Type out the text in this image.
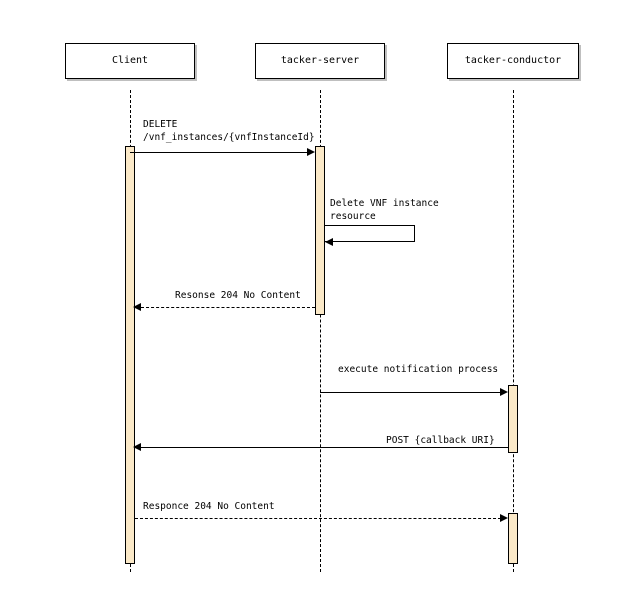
Client	tacker-server	tacker-conductor
DELETE /vnf_instances/{vnfInstanceId}
Delete VNF instance resource
Resonse 204 No Content
execute notification process
POST {callback URI}
Responce 204 No Content
